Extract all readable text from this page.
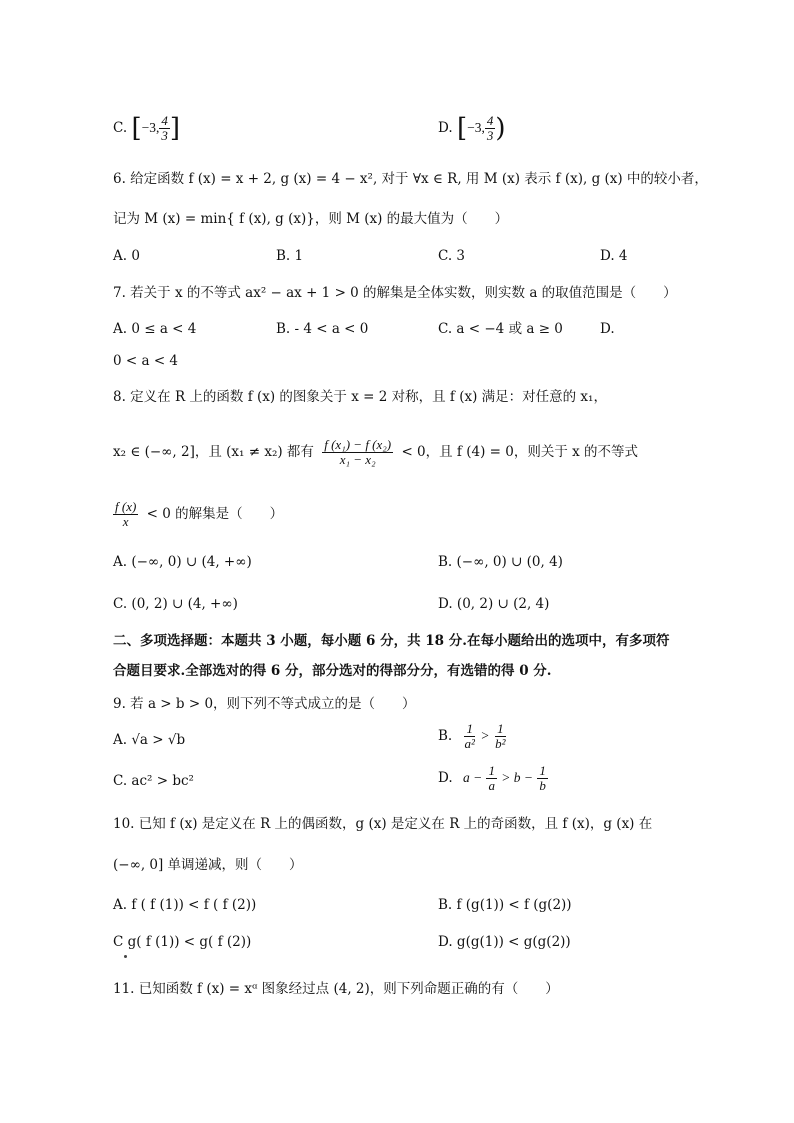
C. [−3, $\frac{4}{3}$ ]	D. [−3, $\frac{4}{3}$ )
6. 给定函数 f (x) = x + 2, g (x) = 4 − x², 对于 ∀x ∈ R, 用 M (x) 表示 f (x), g (x) 中的较小者，
记为 M (x) = min{ f (x), g (x)}，则 M (x) 的最大值为（　　）
A. 0	B. 1	C. 3	D. 4
7. 若关于 x 的不等式 ax² − ax + 1 > 0 的解集是全体实数，则实数 a 的取值范围是（　　）
A. 0 ≤ a < 4	B. - 4 < a < 0	C. a < −4 或 a ≥ 0	D.
0 < a < 4
8. 定义在 R 上的函数 f (x) 的图象关于 x = 2 对称，且 f (x) 满足：对任意的 x₁，
x₂ ∈ (−∞, 2]，且 (x₁ ≠ x₂) 都有 $\frac{\text{f (x₁) − f (x₂)}}{\text{x₁ − x₂}} < 0$，且 f (4) = 0，则关于 x 的不等式
$\frac{f (x)}{x} < 0$ 的解集是（　　）
A. (−∞, 0) ∪ (4, +∞)	B. (−∞, 0) ∪ (0, 4)
C. (0, 2) ∪ (4, +∞)	D. (0, 2) ∪ (2, 4)
二、多项选择题：本题共 3 小题，每小题 6 分，共 18 分.在每小题给出的选项中，有多项符
合题目要求.全部选对的得 6 分，部分选对的得部分分，有选错的得 0 分.
9. 若 a > b > 0，则下列不等式成立的是（　　）
A. √a > √b	B. $\frac{1}{\text{a²}} > \frac{1}{\text{b²}}$
C. ac² > bc²	D. $a - \frac{1}{a} > b - \frac{1}{b}$
10. 已知 f (x) 是定义在 R 上的偶函数，g (x) 是定义在 R 上的奇函数，且 f (x)，g (x) 在
(−∞, 0] 单调递减，则（　　）
A. f ( f (1)) < f ( f (2))	B. f (g(1)) < f (g(2))
C g( f (1)) < g( f (2))	D. g(g(1)) < g(g(2))
11. 已知函数 f (x) = xᵅ 图象经过点 (4, 2)，则下列命题正确的有（　　）
